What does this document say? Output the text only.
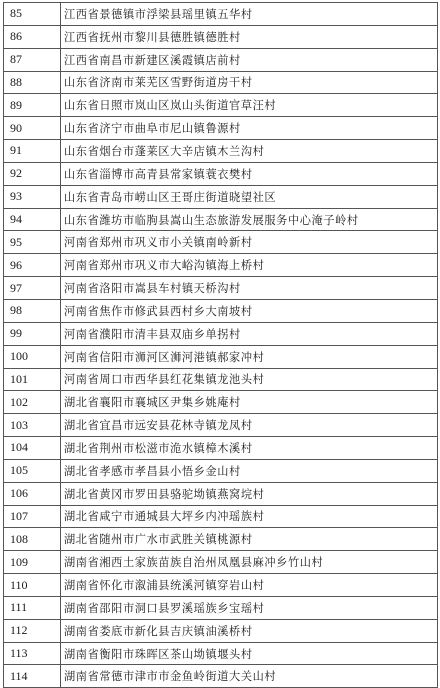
85	江西省景德镇市浮梁县瑶里镇五华村
86	江西省抚州市黎川县德胜镇德胜村
87	江西省南昌市新建区溪霞镇店前村
88	山东省济南市莱芜区雪野街道房干村
89	山东省日照市岚山区岚山头街道官草汪村
90	山东省济宁市曲阜市尼山镇鲁源村
91	山东省烟台市蓬莱区大辛店镇木兰沟村
92	山东省淄博市高青县常家镇蓑衣樊村
93	山东省青岛市崂山区王哥庄街道晓望社区
94	山东省潍坊市临朐县嵩山生态旅游发展服务中心淹子岭村
95	河南省郑州市巩义市小关镇南岭新村
96	河南省郑州市巩义市大峪沟镇海上桥村
97	河南省洛阳市嵩县车村镇天桥沟村
98	河南省焦作市修武县西村乡大南坡村
99	河南省濮阳市清丰县双庙乡单拐村
100	河南省信阳市浉河区浉河港镇郝家冲村
101	河南省周口市西华县红花集镇龙池头村
102	湖北省襄阳市襄城区尹集乡姚庵村
103	湖北省宜昌市远安县花林寺镇龙凤村
104	湖北省荆州市松滋市洈水镇樟木溪村
105	湖北省孝感市孝昌县小悟乡金山村
106	湖北省黄冈市罗田县骆驼坳镇燕窝垸村
107	湖北省咸宁市通城县大坪乡内冲瑶族村
108	湖北省随州市广水市武胜关镇桃源村
109	湖南省湘西土家族苗族自治州凤凰县麻冲乡竹山村
110	湖南省怀化市溆浦县统溪河镇穿岩山村
111	湖南省邵阳市洞口县罗溪瑶族乡宝瑶村
112	湖南省娄底市新化县吉庆镇油溪桥村
113	湖南省衡阳市珠晖区茶山坳镇堰头村
114	湖南省常德市津市市金鱼岭街道大关山村
